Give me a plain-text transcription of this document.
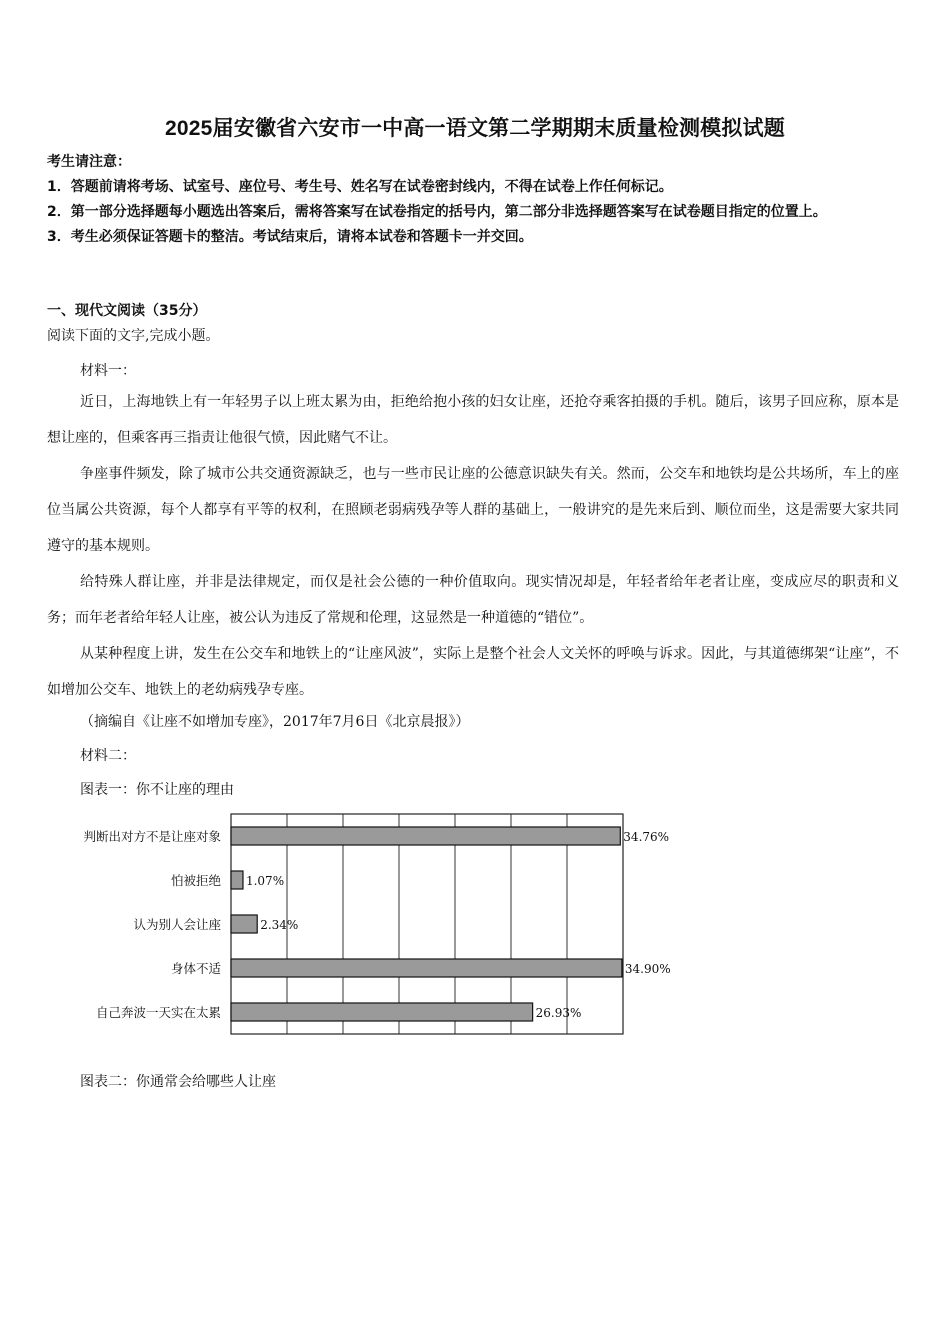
2025届安徽省六安市一中高一语文第二学期期末质量检测模拟试题
考生请注意：
1．答题前请将考场、试室号、座位号、考生号、姓名写在试卷密封线内，不得在试卷上作任何标记。
2．第一部分选择题每小题选出答案后，需将答案写在试卷指定的括号内，第二部分非选择题答案写在试卷题目指定的位置上。
3．考生必须保证答题卡的整洁。考试结束后，请将本试卷和答题卡一并交回。
一、现代文阅读（35分）
阅读下面的文字,完成小题。
材料一：
近日，上海地铁上有一年轻男子以上班太累为由，拒绝给抱小孩的妇女让座，还抢夺乘客拍摄的手机。随后，该男子回应称，原本是想让座的，但乘客再三指责让他很气愤，因此赌气不让。
争座事件频发，除了城市公共交通资源缺乏，也与一些市民让座的公德意识缺失有关。然而，公交车和地铁均是公共场所，车上的座位当属公共资源，每个人都享有平等的权利，在照顾老弱病残孕等人群的基础上，一般讲究的是先来后到、顺位而坐，这是需要大家共同遵守的基本规则。
给特殊人群让座，并非是法律规定，而仅是社会公德的一种价值取向。现实情况却是，年轻者给年老者让座，变成应尽的职责和义务；而年老者给年轻人让座，被公认为违反了常规和伦理，这显然是一种道德的“错位”。
从某种程度上讲，发生在公交车和地铁上的“让座风波”，实际上是整个社会人文关怀的呼唤与诉求。因此，与其道德绑架“让座”，不如增加公交车、地铁上的老幼病残孕专座。
（摘编自《让座不如增加专座》，2017年7月6日《北京晨报》）
材料二：
图表一：你不让座的理由
判断出对方不是让座对象	34.76%
怕被拒绝 1.07%
认为别人会让座	2.34%
身体不适	34.90%
自己奔波一天实在太累	26.93%
图表二：你通常会给哪些人让座
